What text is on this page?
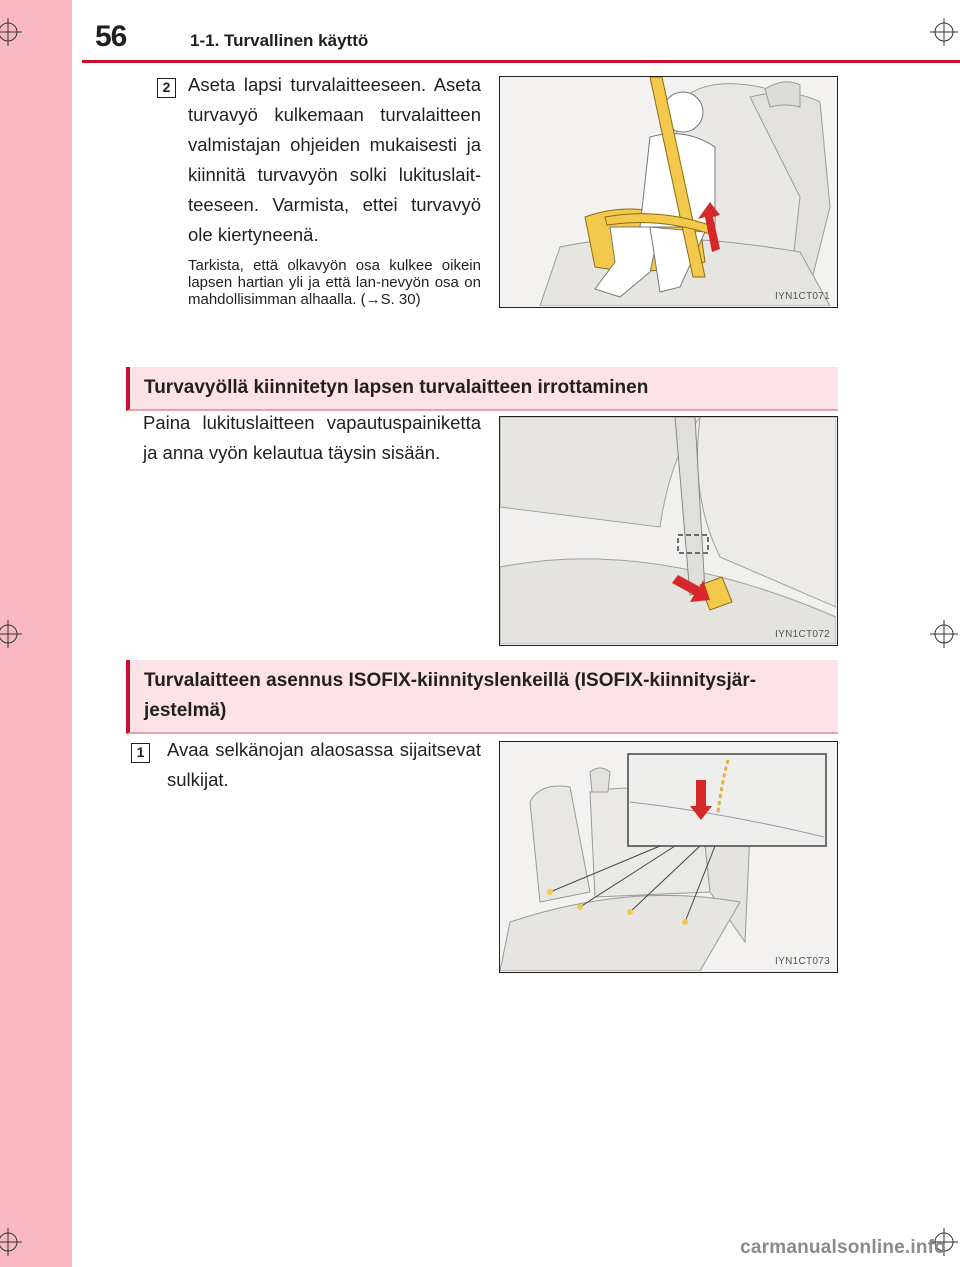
56	1-1. Turvallinen käyttö
2 Aseta lapsi turvalaitteeseen. Aseta turvavyö kulkemaan turvalaitteen valmistajan ohjeiden mukaisesti ja kiinnitä turvavyön solki lukituslait-teeseen. Varmista, ettei turvavyö ole kiertyneenä.
Tarkista, että olkavyön osa kulkee oikein lapsen hartian yli ja että lan-nevyön osa on mahdollisimman alhaalla. (→S. 30)	IYN1CT071
Turvavyöllä kiinnitetyn lapsen turvalaitteen irrottaminen
Paina lukituslaitteen vapautuspainiketta ja anna vyön kelautua täysin sisään.
IYN1CT072
Turvalaitteen asennus ISOFIX-kiinnityslenkeillä (ISOFIX-kiinnitysjär-jestelmä)
1	Avaa selkänojan alaosassa sijaitsevat sulkijat.
IYN1CT073
carmanualsonline.info
